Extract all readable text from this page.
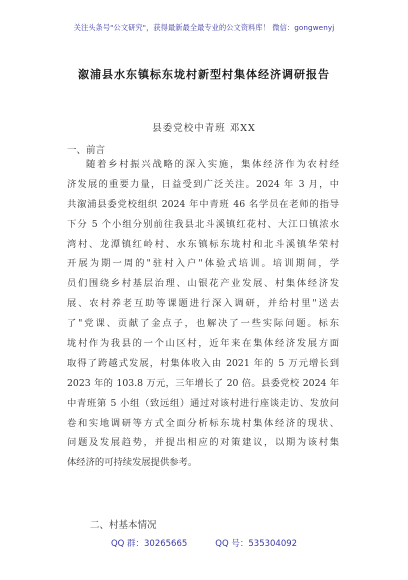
关注头条号"公文研究"，获得最新最全最专业的公文资料库！ 微信：gongwenyj
溆浦县水东镇标东垅村新型村集体经济调研报告
县委党校中青班 邓XX
一、前言
随着乡村振兴战略的深入实施，集体经济作为农村经
济发展的重要力量，日益受到广泛关注。2024 年 3 月，中
共溆浦县委党校组织 2024 年中青班 46 名学员在老师的指导
下分 5 个小组分别前往我县北斗溪镇红花村、大江口镇浓水
湾村、龙潭镇红岭村、水东镇标东垅村和北斗溪镇华荣村
开展为期一周的"驻村入户"体验式培训。培训期间，学
员们围绕乡村基层治理、山银花产业发展、村集体经济发
展、农村养老互助等课题进行深入调研，并给村里"送去
了"党课、贡献了金点子，也解决了一些实际问题。标东
垅村作为我县的一个山区村，近年来在集体经济发展方面
取得了跨越式发展，村集体收入由 2021 年的 5 万元增长到
2023 年的 103.8 万元，三年增长了 20 倍。县委党校 2024 年
中青班第 5 小组（致远组）通过对该村进行座谈走访、发放问
卷和实地调研等方式全面分析标东垅村集体经济的现状、
问题及发展趋势，并提出相应的对策建议，以期为该村集
体经济的可持续发展提供参考。
二、村基本情况
QQ 群：30265665	QQ 号：535304092
